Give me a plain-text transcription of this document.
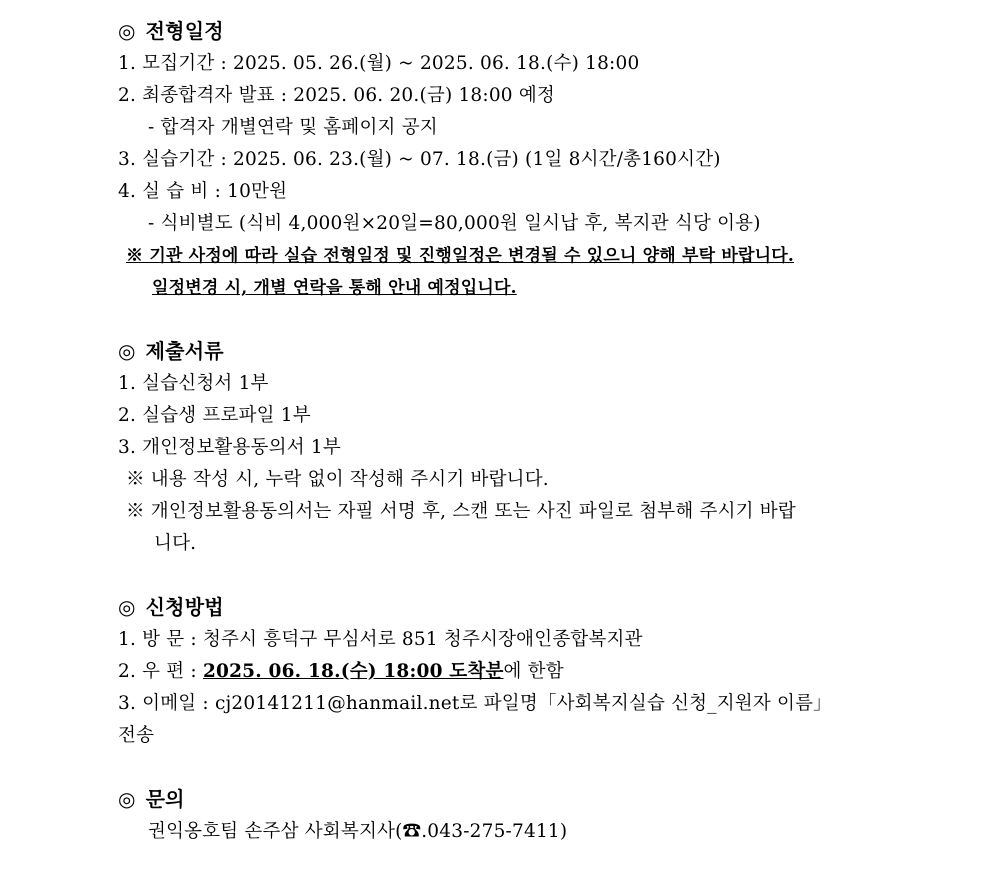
◎ 전형일정
1. 모집기간 : 2025. 05. 26.(월) ~ 2025. 06. 18.(수) 18:00
2. 최종합격자 발표 : 2025. 06. 20.(금) 18:00 예정
- 합격자 개별연락 및 홈페이지 공지
3. 실습기간 : 2025. 06. 23.(월) ~ 07. 18.(금) (1일 8시간/총160시간)
4. 실 습 비 : 10만원
- 식비별도 (식비 4,000원×20일=80,000원 일시납 후, 복지관 식당 이용)
※ 기관 사정에 따라 실습 전형일정 및 진행일정은 변경될 수 있으니 양해 부탁 바랍니다.
일정변경 시, 개별 연락을 통해 안내 예정입니다.
◎ 제출서류
1. 실습신청서 1부
2. 실습생 프로파일 1부
3. 개인정보활용동의서 1부
※ 내용 작성 시, 누락 없이 작성해 주시기 바랍니다.
※ 개인정보활용동의서는 자필 서명 후, 스캔 또는 사진 파일로 첨부해 주시기 바랍
니다.
◎ 신청방법
1. 방 문 : 청주시 흥덕구 무심서로 851 청주시장애인종합복지관
2. 우 편 : 2025. 06. 18.(수) 18:00 도착분에 한함
3. 이메일 : cj20141211@hanmail.net로 파일명「사회복지실습 신청_지원자 이름」
전송
◎ 문의
권익옹호팀 손주삼 사회복지사(☎.043-275-7411)
